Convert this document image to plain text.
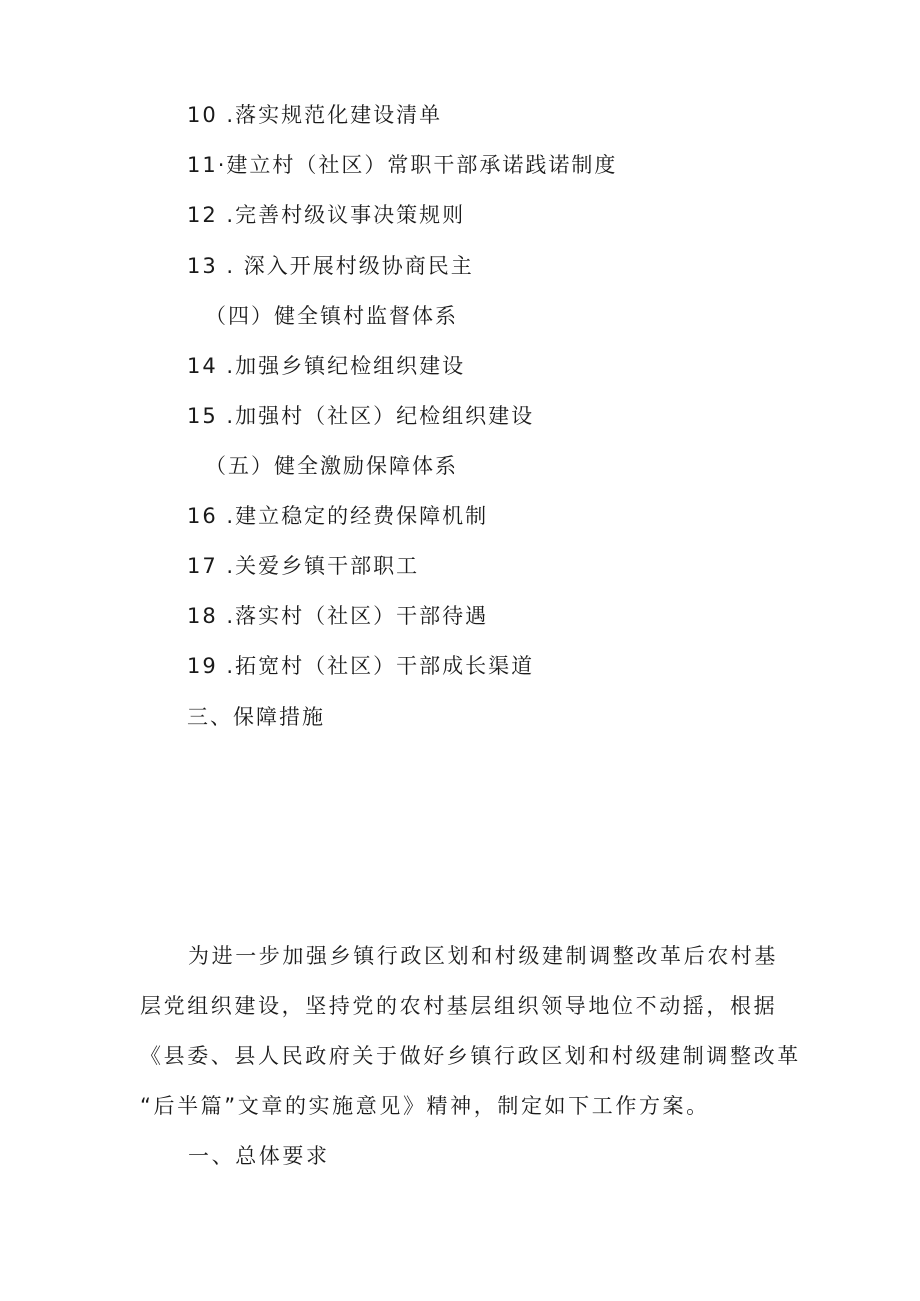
10 .落实规范化建设清单
11·建立村（社区）常职干部承诺践诺制度
12 .完善村级议事决策规则
13 . 深入开展村级协商民主
（四）健全镇村监督体系
14 .加强乡镇纪检组织建设
15 .加强村（社区）纪检组织建设
（五）健全激励保障体系
16 .建立稳定的经费保障机制
17 .关爱乡镇干部职工
18 .落实村（社区）干部待遇
19 .拓宽村（社区）干部成长渠道
三、保障措施
为进一步加强乡镇行政区划和村级建制调整改革后农村基
层党组织建设，坚持党的农村基层组织领导地位不动摇，根据
《县委、县人民政府关于做好乡镇行政区划和村级建制调整改革
“后半篇”文章的实施意见》精神，制定如下工作方案。
一、总体要求
